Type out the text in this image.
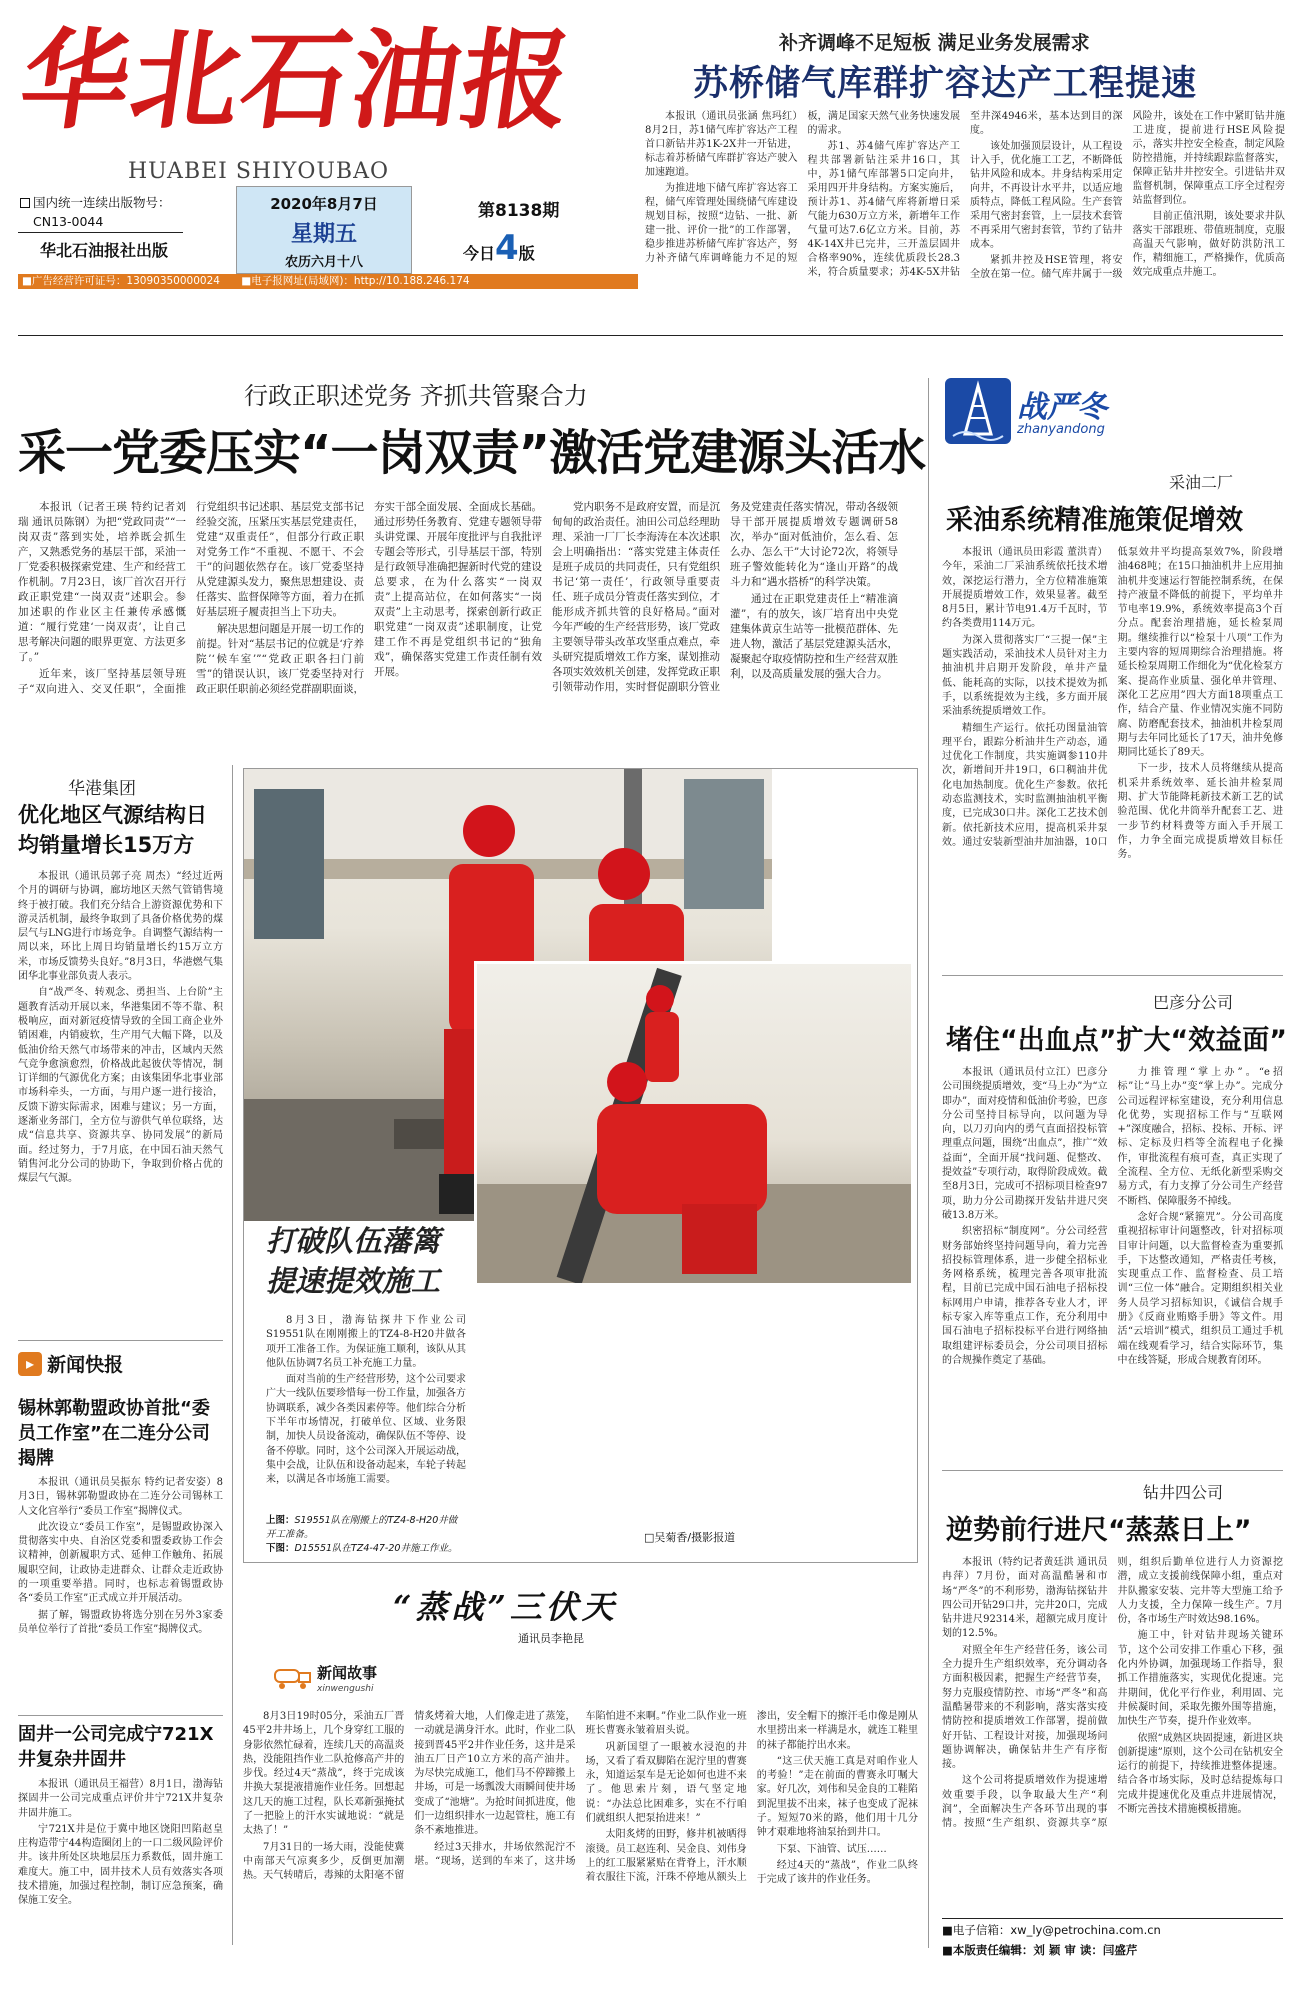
华北石油报
HUABEI SHIYOUBAO
国内统一连续出版物号：
CN13-0044
华北石油报社出版
2020年8月7日
星期五
农历六月十八
第8138期
今日4版
■广告经营许可证号：13090350000024 ■电子报网址(局域网)：http://10.188.246.174
补齐调峰不足短板 满足业务发展需求
苏桥储气库群扩容达产工程提速

本报讯（通讯员张涵 焦玛红）8月2日，苏1储气库扩容达产工程首口新钻井苏1K-2X井一开钻进，标志着苏桥储气库群扩容达产驶入加速跑道。

为推进地下储气库扩容达容工程，储气库管理处围绕储气库建设规划目标，按照“边钻、一批、新建一批、评价一批”的工作部署，稳步推进苏桥储气库扩容达产，努力补齐储气库调峰能力不足的短板，满足国家天然气业务快速发展的需求。

苏1、苏4储气库扩容达产工程共部署新钻注采井16口，其中，苏1储气库部署5口定向井，采用四开井身结构。方案实施后，预计苏1、苏4储气库将新增日采气能力630万立方米，新增年工作气量可达7.6亿立方米。目前，苏4K-14X井已完井，三开盖层固井合格率90%，连续优质段长28.3米，符合质量要求；苏4K-5X井钻至井深4946米，基本达到目的深度。

该处加强顶层设计，从工程设计入手，优化施工工艺，不断降低钻井风险和成本。井身结构采用定向井，不再设计水平井，以适应地质特点，降低工程风险。生产套管采用气密封套管，上一层技术套管不再采用气密封套管，节约了钻井成本。

紧抓井控及HSE管理，将安全放在第一位。储气库井属于一级风险井，该处在工作中紧盯钻井施工进度，提前进行HSE风险提示，落实井控安全检查，制定风险防控措施，并持续跟踪监督落实，保障正钻井井控安全。引进钻井双监督机制，保障重点工序全过程旁站监督到位。

目前正值汛期，该处要求井队落实干部跟班、带值班制度，克服高温天气影响，做好防洪防汛工作，精细施工，严格操作，优质高效完成重点井施工。

行政正职述党务 齐抓共管聚合力
采一党委压实“一岗双责”激活党建源头活水

本报讯（记者王瑛 特约记者刘瑞 通讯员陈钢）为把“党政同责”“一岗双责”落到实处，培养既会抓生产，又熟悉党务的基层干部，采油一厂党委积极探索党建、生产和经营工作机制。7月23日，该厂首次召开行政正职党建“一岗双责”述职会。参加述职的作业区主任兼传承感慨道：“履行党建‘一岗双责’，让自己思考解决问题的眼界更宽、方法更多了。”

近年来，该厂坚持基层领导班子“双向进入、交叉任职”，全面推行党组织书记述职、基层党支部书记经验交流，压紧压实基层党建责任，党建“双重责任”，但部分行政正职对党务工作“不重视、不愿干、不会干”的问题依然存在。该厂党委坚持从党建源头发力，聚焦思想建设、责任落实、监督保障等方面，着力在抓好基层班子履责担当上下功夫。

解决思想问题是开展一切工作的前提。针对“基层书记的位就是‘疗养院’‘候车室’”“党政正职各扫门前雪”的错误认识，该厂党委坚持对行政正职任职前必须经党群副职面谈，夯实干部全面发展、全面成长基础。通过形势任务教育、党建专题领导带头讲党课、开展年度批评与自我批评专题会等形式，引导基层干部，特别是行政领导准确把握新时代党的建设总要求，在为什么落实“一岗双责”上提高站位，在如何落实“一岗双责”上主动思考，探索创新行政正职党建“一岗双责”述职制度，让党建工作不再是党组织书记的“独角戏”，确保落实党建工作责任制有效开展。

党内职务不是政府安置，而是沉甸甸的政治责任。油田公司总经理助理、采油一厂厂长李海涛在本次述职会上明确指出：“落实党建主体责任是班子成员的共同责任，只有党组织书记‘第一责任’，行政领导重要责任、班子成员分管责任落实到位，才能形成齐抓共管的良好格局。”面对今年严峻的生产经营形势，该厂党政主要领导带头改革攻坚重点难点，牵头研究提质增效工作方案，谋划推动各项实效效机关创建，发挥党政正职引领带动作用，实时督促副职分管业务及党建责任落实情况，带动各级领导干部开展提质增效专题调研58次，举办“面对低油价，怎么看、怎么办、怎么干”大讨论72次，将领导班子警效能转化为“逢山开路”的战斗力和“遇水搭桥”的科学决策。

通过在正职党建责任上“精准滴灌”，有的放矢，该厂培育出中央党建集体黄京生站等一批模范群体、先进人物，激活了基层党建源头活水，凝聚起夺取疫情防控和生产经营双胜利，以及高质量发展的强大合力。

战严冬
zhanyandong
采油二厂
采油系统精准施策促增效

本报讯（通讯员田彩霞 董洪青）今年，采油二厂采油系统依托技术增效，深挖运行潜力，全方位精准施策开展提质增效工作，效果显著。截至8月5日，累计节电91.4万千瓦时，节约各类费用114万元。

为深入贯彻落实厂“三提一保”主题实践活动，采油技术人员针对主力抽油机井启期开发阶段，单井产量低、能耗高的实际，以技术提效为抓手，以系统提效为主线，多方面开展采油系统提质增效工作。

精细生产运行。依托功图量油管理平台，跟踪分析油井生产动态，通过优化工作制度，共实施调参110井次，新增间开井19口，6口稠油井优化电加热制度。优化生产参数。依托动态监测技术，实时监测抽油机平衡度，已完成30口井。深化工艺技术创新。依托新技术应用，提高机采井泵效。通过安装新型油井加油器，10口低泵效井平均提高泵效7%，阶段增油468吨；在15口抽油机井上应用抽油机井变速运行智能控制系统，在保持产液量不降低的前提下，平均单井节电率19.9%，系统效率提高3个百分点。配套治理措施，延长检泵周期。继续推行以“检泵十八项”工作为主要内容的短周期综合治理措施。将延长检泵周期工作细化为“优化检泵方案、提高作业质量、强化单井管理、深化工艺应用”四大方面18项重点工作，结合产量、作业情况实施不同防腐、防磨配套技术，抽油机井检泵周期与去年同比延长了17天，油井免修期同比延长了89天。

下一步，技术人员将继续从提高机采井系统效率、延长油井检泵周期、扩大节能降耗新技术新工艺的试验范围、优化井筒举升配套工艺、进一步节约材料费等方面入手开展工作，力争全面完成提质增效目标任务。

巴彦分公司
堵住“出血点”扩大“效益面”

本报讯（通讯员付立江）巴彦分公司围绕提质增效，变“马上办”为“立即办”，面对疫情和低油价考验，巴彦分公司坚持目标导向，以问题为导向，以刀刃向内的勇气直面招投标管理重点问题，围绕“出血点”，推广“效益面”，全面开展“找问题、促整改、提效益”专项行动，取得阶段成效。截至8月3日，完成可不招标项目检查97项，助力分公司勘探开发钻井进尺突破13.8万米。

织密招标“制度网”。分公司经营财务部始终坚持问题导向，着力完善招投标管理体系，进一步健全招标业务网格系统，梳理完善各项审批流程，目前已完成中国石油电子招标投标网用户申请，推荐各专业人才，评标专家入库等重点工作，充分利用中国石油电子招标投标平台进行网络抽取组建评标委员会，分公司项目招标的合规操作奠定了基础。

力推管理“掌上办”。“e招标”让“马上办”变“掌上办”。完成分公司远程评标室建设，充分利用信息化优势，实现招标工作与“互联网+”深度融合，招标、投标、开标、评标、定标及归档等全流程电子化操作，审批流程有痕可查，真正实现了全流程、全方位、无纸化新型采购交易方式，有力支撑了分公司生产经营不断档、保障服务不掉线。

念好合规“紧箍咒”。分公司高度重视招标审计问题整改，针对招标项目审计问题，以大监督检查为重要抓手，下达整改通知，严格责任考核，实现重点工作、监督检查、员工培训“三位一体”融合。定期组织相关业务人员学习招标知识，《诚信合规手册》《反商业贿赂手册》等文件。用活“云培训”模式，组织员工通过手机端在线观看学习，结合实际环节，集中在线答疑，形成合规教育闭环。

钻井四公司
逆势前行进尺“蒸蒸日上”

本报讯（特约记者黄廷洪 通讯员冉萍）7月份，面对高温酷暑和市场“严冬”的不利形势，渤海钻探钻井四公司开钻29口井，完井20口，完成钻井进尺92314米，超额完成月度计划的12.5%。

对照全年生产经营任务，该公司全力提升生产组织效率，充分调动各方面积极因素，把握生产经营节奏，努力克服疫情防控、市场“严冬”和高温酷暑带来的不利影响，落实落实疫情防控和提质增效工作部署，提前做好开钻、工程设计对接，加强现场问题协调解决，确保钻井生产有序衔接。

这个公司将提质增效作为提速增效重要手段，以争取最大生产“利润”，全面解决生产各环节出现的事情。按照“生产组织、资源共享”原则，组织后勤单位进行人力资源挖潜，成立支援前线保障小组，重点对井队搬家安装、完井等大型施工给予人力支援，全力保障一线生产。7月份，各市场生产时效达98.16%。

施工中，针对钻井现场关键环节，这个公司安排工作重心下移，强化内外协调，加强现场工作指导，狠抓工作措施落实，实现优化提速。完井期间，优化平行作业，利用固、完井候凝时间，采取先搬外围等措施，加快生产节奏，提升作业效率。

依照“成熟区块固提速，新进区块创新提速”原则，这个公司在钻机安全运行的前提下，持续推进整体提速。结合各市场实际，及时总结提炼每口完成井提速优化及重点井进展情况，不断完善技术措施模板措施。

华港集团
优化地区气源结构日均销量增长15万方

本报讯（通讯员郭子亮 周杰）“经过近两个月的调研与协调，廊坊地区天然气管销售境终于被打破。我们充分结合上游资源优势和下游灵活机制，最终争取到了具备价格优势的煤层气与LNG进行市场竞争。自调整气源结构一周以来，环比上周日均销量增长约15万立方米，市场反馈势头良好。”8月3日，华港燃气集团华北事业部负责人表示。

自“战严冬、转观念、勇担当、上台阶”主题教育活动开展以来，华港集团不等不靠、积极响应，面对新冠疫情导致的全国工商企业外销困难，内销疲软，生产用气大幅下降，以及低油价给天然气市场带来的冲击，区域内天然气竞争愈演愈烈，价格战此起彼伏等情况，制订详细的气源优化方案；由该集团华北事业部市场科牵头，一方面，与用户逐一进行接洽，反馈下游实际需求，困难与建议；另一方面，逐渐业务部门，全方位与游供气单位联络，达成“信息共享、资源共享、协同发展”的新局面。经过努力，于7月底，在中国石油天然气销售河北分公司的协助下，争取到价格占优的煤层气气源。

▸ 新闻快报
锡林郭勒盟政协首批“委员工作室”在二连分公司揭牌

本报讯（通讯员吴振东 特约记者安姿）8月3日，锡林郭勒盟政协在二连分公司锡林工人文化宫举行“委员工作室”揭牌仪式。

此次设立“委员工作室”，是锡盟政协深入贯彻落实中央、自治区党委和盟委政协工作会议精神，创新履职方式、延伸工作触角、拓展履职空间，让政协走进群众、让群众走近政协的一项重要举措。同时，也标志着锡盟政协各“委员工作室”正式成立并开展活动。

据了解，锡盟政协将选分别在另外3家委员单位举行了首批“委员工作室”揭牌仪式。

固井一公司完成宁721X井复杂井固井

本报讯（通讯员王福营）8月1日，渤海钻探固井一公司完成重点评价井宁721X井复杂井固井施工。

宁721X井是位于冀中地区饶阳凹陷赵皇庄构造带宁44构造圈闭上的一口二级风险评价井。该井所处区块地层压力系数低，固井施工难度大。施工中，固井技术人员有效落实各项技术措施，加强过程控制，制订应急预案，确保施工安全。

打破队伍藩篱
提速提效施工

8月3日，渤海钻探井下作业公司S19551队在刚刚搬上的TZ4-8-H20井做各项开工准备工作。为保证施工顺利，该队从其他队伍协调7名员工补充施工力量。

面对当前的生产经营形势，这个公司要求广大一线队伍要珍惜每一份工作量，加强各方协调联系，减少各类因素停等。他们综合分析下半年市场情况，打破单位、区域、业务限制，加快人员设备流动，确保队伍不等停、设备不停歇。同时，这个公司深入开展运动战，集中会战，让队伍和设备动起来，车轮子转起来，以满足各市场施工需要。

上图：S19551队在刚搬上的TZ4-8-H20井做开工准备。
下图：D15551队在TZ4-47-20井施工作业。
□吴菊香/摄影报道
“蒸战”三伏天
通讯员李艳昆
新闻故事
xinwengushi

8月3日19时05分，采油五厂晋45平2井井场上，几个身穿红工服的身影依然忙碌着，连续几天的高温炎热，没能阻挡作业二队抢修高产井的步伐。经过4天“蒸战”，终于完成该井换大泵提液措施作业任务。回想起这几天的施工过程，队长邓新强掩拭了一把脸上的汗水实诚地说：“就是太热了！”

7月31日的一场大雨，没能使冀中南部天气凉爽多少，反倒更加潮热。天气转晴后，毒辣的太阳毫不留情炙烤着大地，人们像走进了蒸笼，一动就是满身汗水。此时，作业二队接到晋45平2井作业任务，这井是采油五厂日产10立方米的高产油井。为尽快完成施工，他们马不停蹄搬上井场，可是一场瓢泼大雨瞬间使井场变成了“池塘”。为抢时间抓进度，他们一边组织排水一边起管柱，施工有条不紊地推进。

经过3天排水，井场依然泥泞不堪。“现场，送到的车来了，这井场车陷怕进不来啊。”作业二队作业一班班长曹赛永皱着眉头说。

巩新国望了一眼被水浸泡的井场，又看了看双脚陷在泥泞里的曹赛永，知道运泵车是无论如何也进不来了。他思索片刻，语气坚定地说：“办法总比困难多，实在不行咱们就组织人把泵抬进来！”

太阳炙烤的田野，修井机被晒得滚烫。员工赵连利、吴金良、刘伟身上的红工服紧紧贴在背脊上，汗水顺着衣服往下流，汗珠不停地从额头上渗出，安全帽下的擦汗毛巾像是刚从水里捞出来一样满是水，就连工鞋里的袜子都能拧出水来。

“这三伏天施工真是对咱作业人的考验！”走在前面的曹赛永叮嘱大家。好几次，刘伟和吴金良的工鞋陷到泥里拔不出来，袜子也变成了泥袜子。短短70米的路，他们用十几分钟才艰难地将油泵抬到井口。

下泵、下油管、试压……

经过4天的“蒸战”，作业二队终于完成了该井的作业任务。

■电子信箱：xw_ly@petrochina.com.cn
■本版责任编辑：刘 颖 审 读：闫盛芹
